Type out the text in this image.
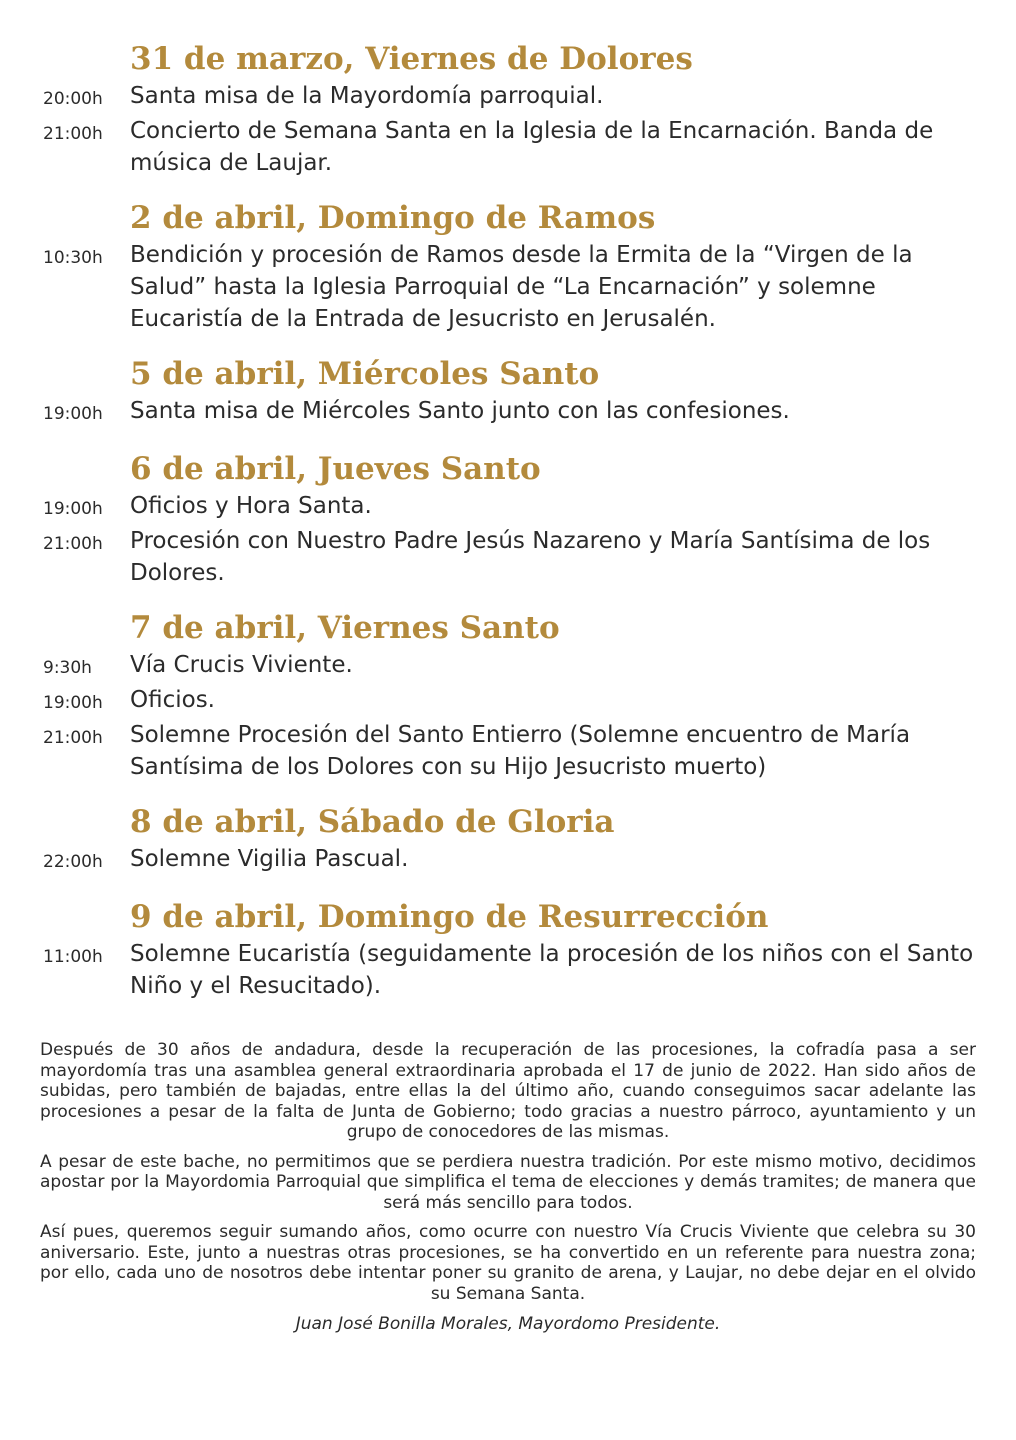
31 de marzo, Viernes de Dolores
20:00h	Santa misa de la Mayordomía parroquial.
21:00h	Concierto de Semana Santa en la Iglesia de la Encarnación. Banda de música de Laujar.
2 de abril, Domingo de Ramos
10:30h	Bendición y procesión de Ramos desde la Ermita de la “Virgen de la Salud” hasta la Iglesia Parroquial de “La Encarnación” y solemne Eucaristía de la Entrada de Jesucristo en Jerusalén.
5 de abril, Miércoles Santo
19:00h	Santa misa de Miércoles Santo junto con las confesiones.
6 de abril, Jueves Santo
19:00h	Oficios y Hora Santa.
21:00h	Procesión con Nuestro Padre Jesús Nazareno y María Santísima de los Dolores.
7 de abril, Viernes Santo
9:30h	Vía Crucis Viviente.
19:00h	Oficios.
21:00h	Solemne Procesión del Santo Entierro (Solemne encuentro de María Santísima de los Dolores con su Hijo Jesucristo muerto)
8 de abril, Sábado de Gloria
22:00h	Solemne Vigilia Pascual.
9 de abril, Domingo de Resurrección
11:00h	Solemne Eucaristía (seguidamente la procesión de los niños con el Santo Niño y el Resucitado).

Después de 30 años de andadura, desde la recuperación de las procesiones, la cofradía pasa a ser mayordomía tras una asamblea general extraordinaria aprobada el 17 de junio de 2022. Han sido años de subidas, pero también de bajadas, entre ellas la del último año, cuando conseguimos sacar adelante las procesiones a pesar de la falta de Junta de Gobierno; todo gracias a nuestro párroco, ayuntamiento y un grupo de conocedores de las mismas.

A pesar de este bache, no permitimos que se perdiera nuestra tradición. Por este mismo motivo, decidimos apostar por la Mayordomia Parroquial que simplifica el tema de elecciones y demás tramites; de manera que será más sencillo para todos.

Así pues, queremos seguir sumando años, como ocurre con nuestro Vía Crucis Viviente que celebra su 30 aniversario. Este, junto a nuestras otras procesiones, se ha convertido en un referente para nuestra zona; por ello, cada uno de nosotros debe intentar poner su granito de arena, y Laujar, no debe dejar en el olvido su Semana Santa.

Juan José Bonilla Morales, Mayordomo Presidente.
